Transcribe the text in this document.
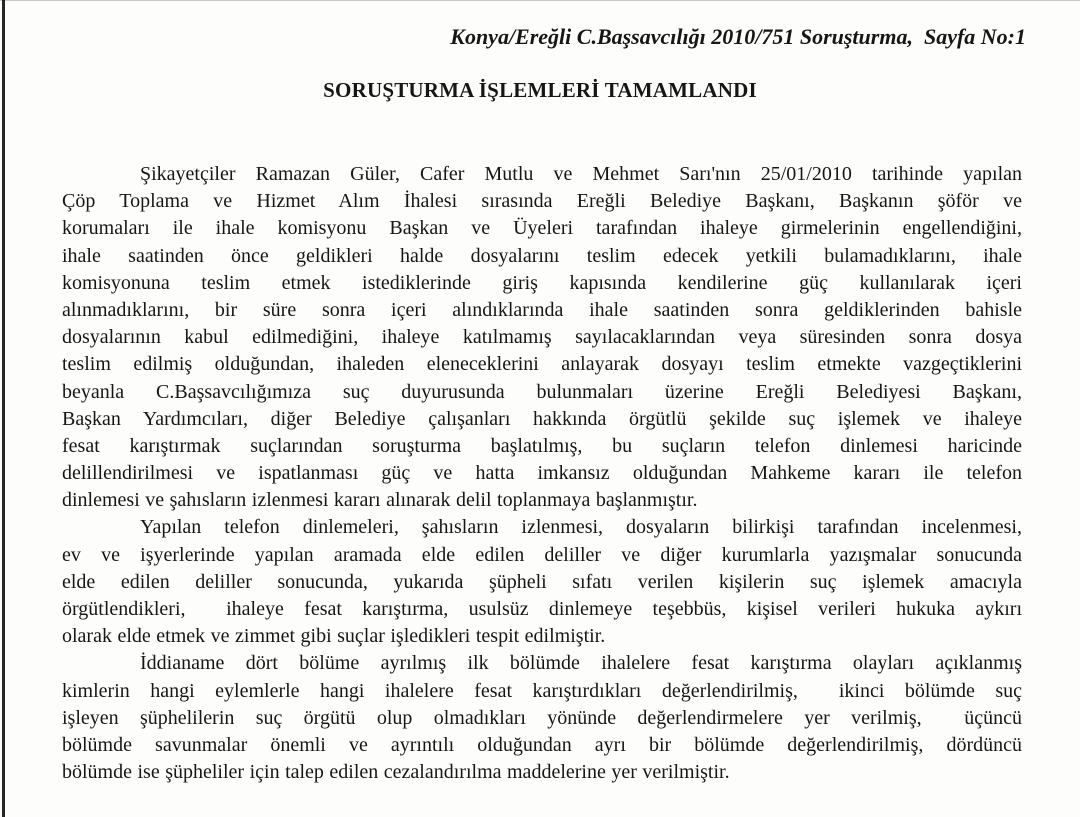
Konya/Ereğli C.Başsavcılığı 2010/751 Soruşturma,  Sayfa No:1
SORUŞTURMA İŞLEMLERİ TAMAMLANDI
Şikayetçiler Ramazan Güler, Cafer Mutlu ve Mehmet Sarı'nın 25/01/2010 tarihinde yapılan
Çöp Toplama ve Hizmet Alım İhalesi sırasında Ereğli Belediye Başkanı, Başkanın şöför ve
korumaları ile ihale komisyonu Başkan ve Üyeleri tarafından ihaleye girmelerinin engellendiğini,
ihale saatinden önce geldikleri halde dosyalarını teslim edecek yetkili bulamadıklarını, ihale
komisyonuna teslim etmek istediklerinde giriş kapısında kendilerine güç kullanılarak içeri
alınmadıklarını, bir süre sonra içeri alındıklarında ihale saatinden sonra geldiklerinden bahisle
dosyalarının kabul edilmediğini, ihaleye katılmamış sayılacaklarından veya süresinden sonra dosya
teslim edilmiş olduğundan, ihaleden eleneceklerini anlayarak dosyayı teslim etmekte vazgeçtiklerini
beyanla C.Başsavcılığımıza suç duyurusunda bulunmaları üzerine Ereğli Belediyesi Başkanı,
Başkan Yardımcıları, diğer Belediye çalışanları hakkında örgütlü şekilde suç işlemek ve ihaleye
fesat karıştırmak suçlarından soruşturma başlatılmış, bu suçların telefon dinlemesi haricinde
delillendirilmesi ve ispatlanması güç ve hatta imkansız olduğundan Mahkeme kararı ile telefon
dinlemesi ve şahısların izlenmesi kararı alınarak delil toplanmaya başlanmıştır.
Yapılan telefon dinlemeleri, şahısların izlenmesi, dosyaların bilirkişi tarafından incelenmesi,
ev ve işyerlerinde yapılan aramada elde edilen deliller ve diğer kurumlarla yazışmalar sonucunda
elde edilen deliller sonucunda, yukarıda şüpheli sıfatı verilen kişilerin suç işlemek amacıyla
örgütlendikleri,  ihaleye fesat karıştırma, usulsüz dinlemeye teşebbüs, kişisel verileri hukuka aykırı
olarak elde etmek ve zimmet gibi suçlar işledikleri tespit edilmiştir.
İddianame dört bölüme ayrılmış ilk bölümde ihalelere fesat karıştırma olayları açıklanmış
kimlerin hangi eylemlerle hangi ihalelere fesat karıştırdıkları değerlendirilmiş,  ikinci bölümde suç
işleyen şüphelilerin suç örgütü olup olmadıkları yönünde değerlendirmelere yer verilmiş,  üçüncü
bölümde savunmalar önemli ve ayrıntılı olduğundan ayrı bir bölümde değerlendirilmiş, dördüncü
bölümde ise şüpheliler için talep edilen cezalandırılma maddelerine yer verilmiştir.
